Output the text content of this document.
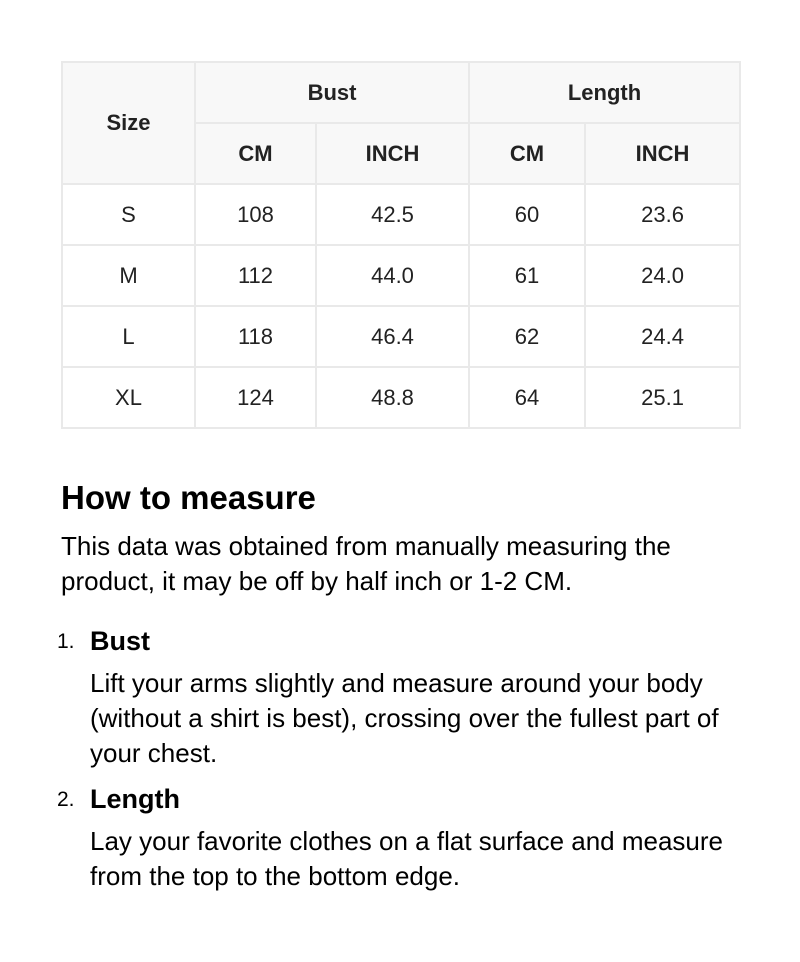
Size	Bust		Length	
	CM	INCH	CM	INCH
S	108	42.5	60	23.6
M	112	44.0	61	24.0
L	118	46.4	62	24.4
XL	124	48.8	64	25.1
How to measure

This data was obtained from manually measuring the product, it may be off by half inch or 1-2 CM.

1. Bust

Lift your arms slightly and measure around your body (without a shirt is best), crossing over the fullest part of your chest.

2. Length

Lay your favorite clothes on a flat surface and measure from the top to the bottom edge.
